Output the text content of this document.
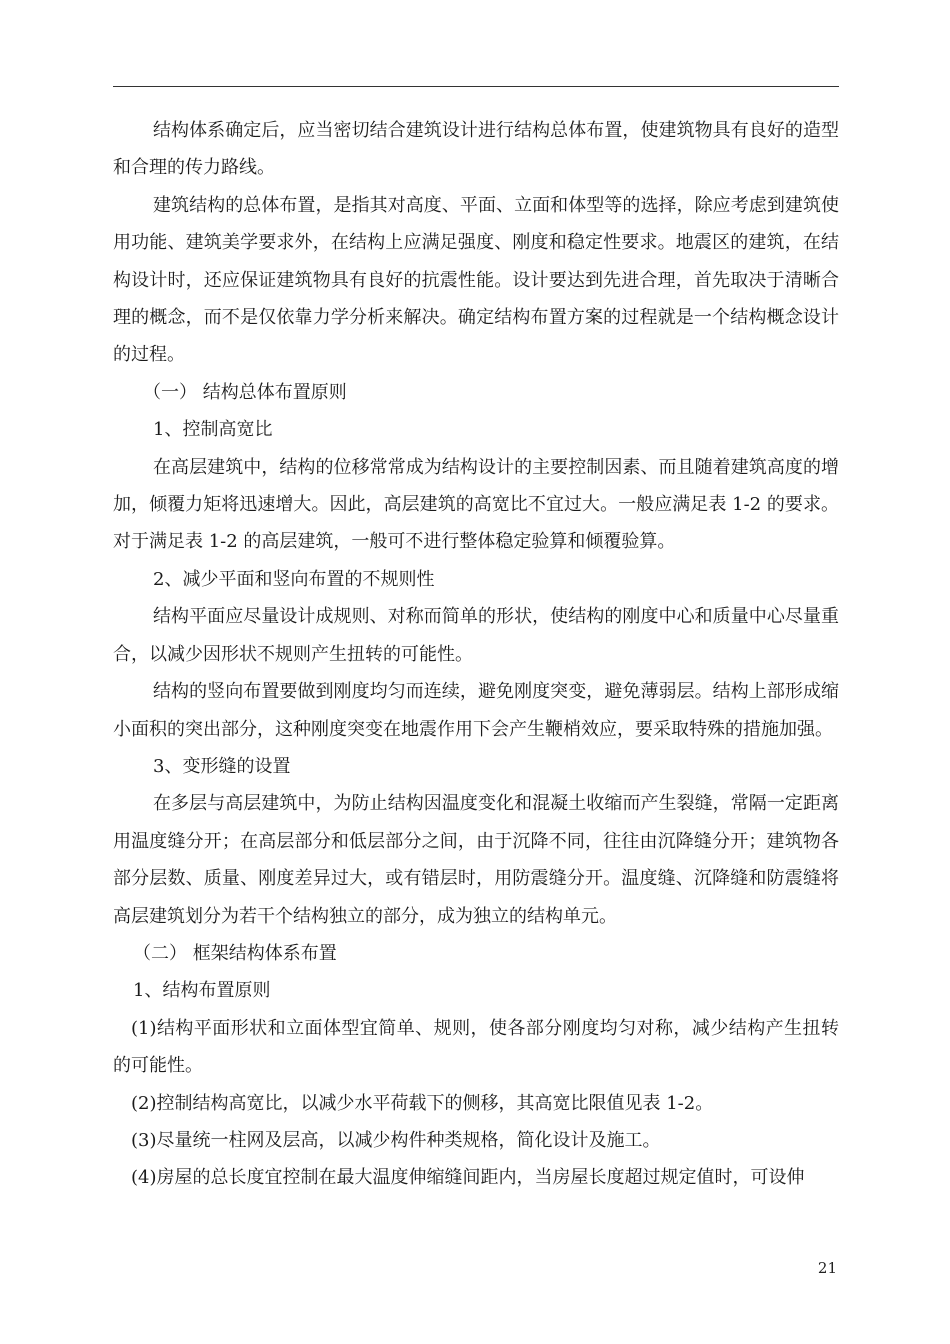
结构体系确定后，应当密切结合建筑设计进行结构总体布置，使建筑物具有良好的造型和合理的传力路线。

建筑结构的总体布置，是指其对高度、平面、立面和体型等的选择，除应考虑到建筑使用功能、建筑美学要求外，在结构上应满足强度、刚度和稳定性要求。地震区的建筑，在结构设计时，还应保证建筑物具有良好的抗震性能。设计要达到先进合理，首先取决于清晰合理的概念，而不是仅依靠力学分析来解决。确定结构布置方案的过程就是一个结构概念设计的过程。

（一） 结构总体布置原则

1、控制高宽比

在高层建筑中，结构的位移常常成为结构设计的主要控制因素、而且随着建筑高度的增加，倾覆力矩将迅速增大。因此，高层建筑的高宽比不宜过大。一般应满足表 1-2 的要求。对于满足表 1-2 的高层建筑，一般可不进行整体稳定验算和倾覆验算。

2、减少平面和竖向布置的不规则性

结构平面应尽量设计成规则、对称而简单的形状，使结构的刚度中心和质量中心尽量重合，以减少因形状不规则产生扭转的可能性。

结构的竖向布置要做到刚度均匀而连续，避免刚度突变，避免薄弱层。结构上部形成缩小面积的突出部分，这种刚度突变在地震作用下会产生鞭梢效应，要采取特殊的措施加强。

3、变形缝的设置

在多层与高层建筑中，为防止结构因温度变化和混凝土收缩而产生裂缝，常隔一定距离用温度缝分开；在高层部分和低层部分之间，由于沉降不同，往往由沉降缝分开；建筑物各部分层数、质量、刚度差异过大，或有错层时，用防震缝分开。温度缝、沉降缝和防震缝将高层建筑划分为若干个结构独立的部分，成为独立的结构单元。

（二） 框架结构体系布置

1、结构布置原则

(1)结构平面形状和立面体型宜简单、规则，使各部分刚度均匀对称，减少结构产生扭转的可能性。

(2)控制结构高宽比，以减少水平荷载下的侧移，其高宽比限值见表 1-2。

(3)尽量统一柱网及层高，以减少构件种类规格，简化设计及施工。

(4)房屋的总长度宜控制在最大温度伸缩缝间距内，当房屋长度超过规定值时，可设伸

21
